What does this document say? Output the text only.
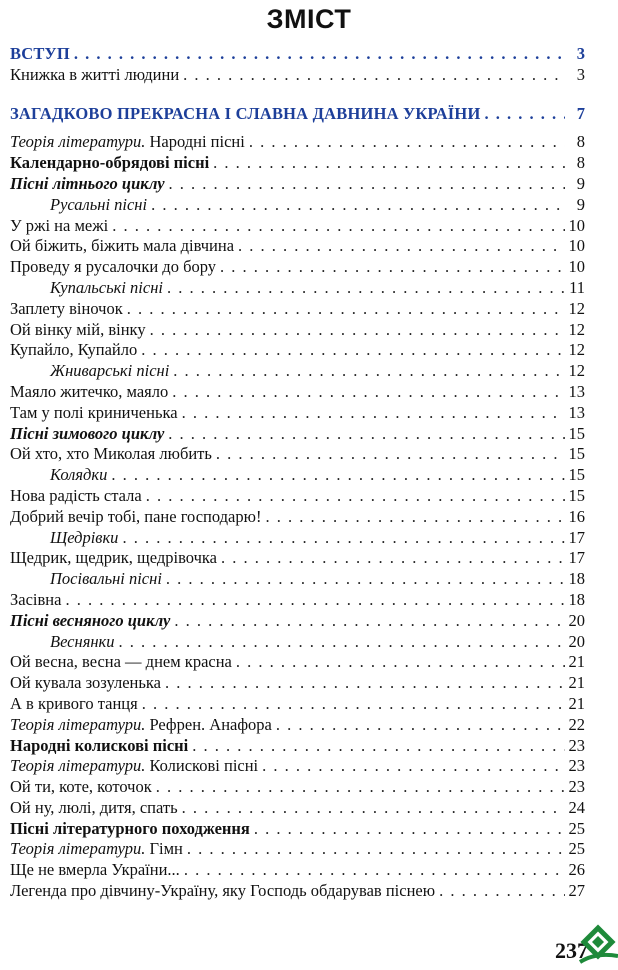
ЗМІСТ
ВСТУП . . .	3
Книжка в житті людини . . .	3
ЗАГАДКОВО ПРЕКРАСНА І СЛАВНА ДАВНИНА УКРАЇНИ . . .	7
Теорія літератури. Народні пісні . . .	8
Календарно-обрядові пісні . . .	8
Пісні літнього циклу . . .	9
Русальні пісні . . .	9
У ржі на межі . . .	10
Ой біжить, біжить мала дівчина . . .	10
Проведу я русалочки до бору . . .	10
Купальські пісні . . .	11
Заплету віночок . . .	12
Ой вінку мій, вінку . . .	12
Купайло, Купайло . . .	12
Жниварські пісні . . .	12
Маяло житечко, маяло . . .	13
Там у полі криниченька . . .	13
Пісні зимового циклу . . .	15
Ой хто, хто Миколая любить . . .	15
Колядки . . .	15
Нова радість стала . . .	15
Добрий вечір тобі, пане господарю! . . .	16
Щедрівки . . .	17
Щедрик, щедрик, щедрівочка . . .	17
Посівальні пісні . . .	18
Засівна . . .	18
Пісні весняного циклу . . .	20
Веснянки . . .	20
Ой весна, весна — днем красна . . .	21
Ой кувала зозуленька . . .	21
А в кривого танця . . .	21
Теорія літератури. Рефрен. Анафора . . .	22
Народні колискові пісні . . .	23
Теорія літератури. Колискові пісні . . .	23
Ой ти, коте, коточок . . .	23
Ой ну, люлі, дитя, спать . . .	24
Пісні літературного походження . . .	25
Теорія літератури. Гімн . . .	25
Ще не вмерла України... . . .	26
Легенда про дівчину-Україну, яку Господь обдарував піснею . . .	27
237
